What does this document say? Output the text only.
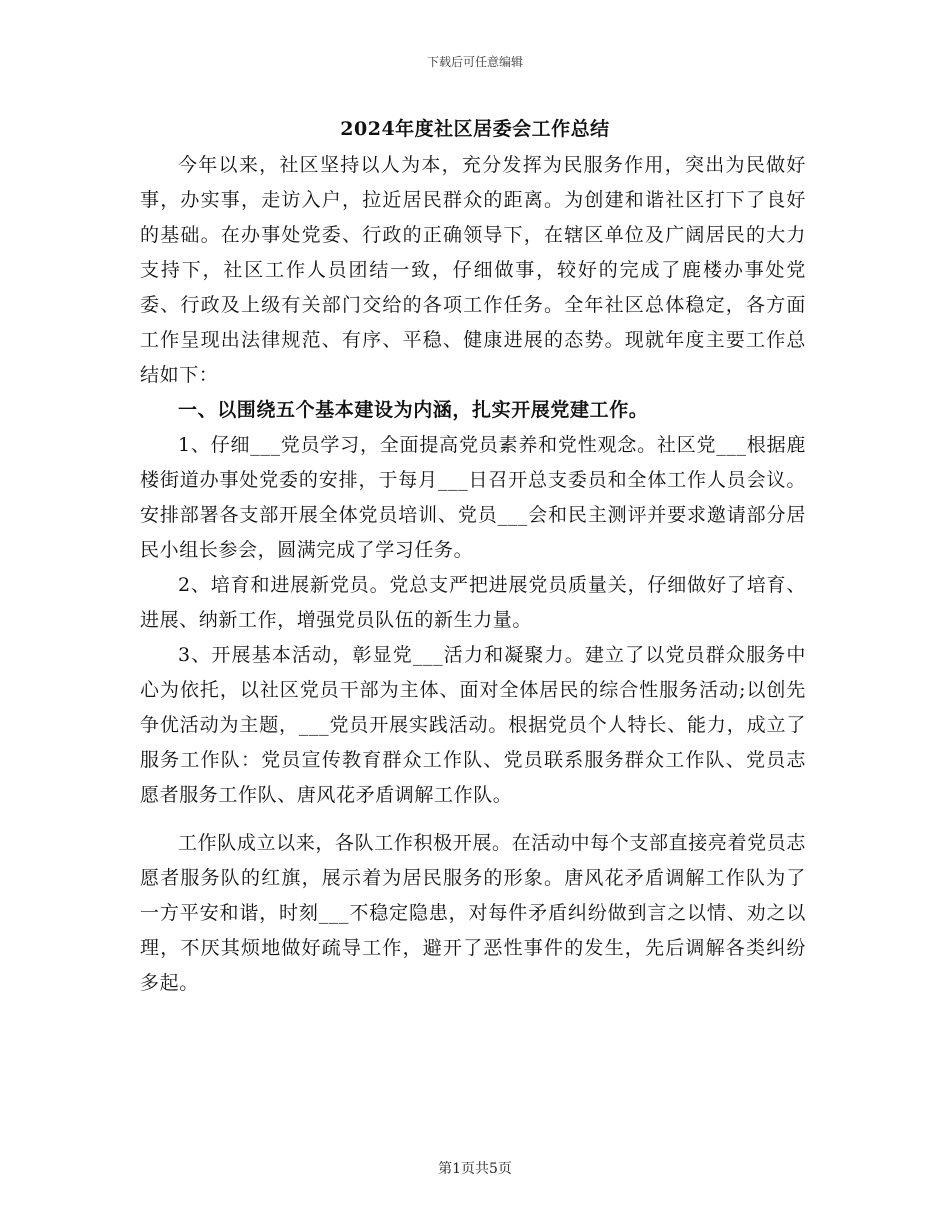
下载后可任意编辑
2024年度社区居委会工作总结

今年以来，社区坚持以人为本，充分发挥为民服务作用，突出为民做好事，办实事，走访入户，拉近居民群众的距离。为创建和谐社区打下了良好的基础。在办事处党委、行政的正确领导下，在辖区单位及广阔居民的大力支持下，社区工作人员团结一致，仔细做事，较好的完成了鹿楼办事处党委、行政及上级有关部门交给的各项工作任务。全年社区总体稳定，各方面工作呈现出法律规范、有序、平稳、健康进展的态势。现就年度主要工作总结如下：

一、以围绕五个基本建设为内涵，扎实开展党建工作。

1、仔细___党员学习，全面提高党员素养和党性观念。社区党___根据鹿楼街道办事处党委的安排，于每月___日召开总支委员和全体工作人员会议。安排部署各支部开展全体党员培训、党员___会和民主测评并要求邀请部分居民小组长参会，圆满完成了学习任务。

2、培育和进展新党员。党总支严把进展党员质量关，仔细做好了培育、进展、纳新工作，增强党员队伍的新生力量。

3、开展基本活动，彰显党___活力和凝聚力。建立了以党员群众服务中心为依托，以社区党员干部为主体、面对全体居民的综合性服务活动;以创先争优活动为主题，___党员开展实践活动。根据党员个人特长、能力，成立了服务工作队：党员宣传教育群众工作队、党员联系服务群众工作队、党员志愿者服务工作队、唐风花矛盾调解工作队。

工作队成立以来，各队工作积极开展。在活动中每个支部直接亮着党员志愿者服务队的红旗，展示着为居民服务的形象。唐风花矛盾调解工作队为了一方平安和谐，时刻___不稳定隐患，对每件矛盾纠纷做到言之以情、劝之以理，不厌其烦地做好疏导工作，避开了恶性事件的发生，先后调解各类纠纷多起。

第1页共5页
